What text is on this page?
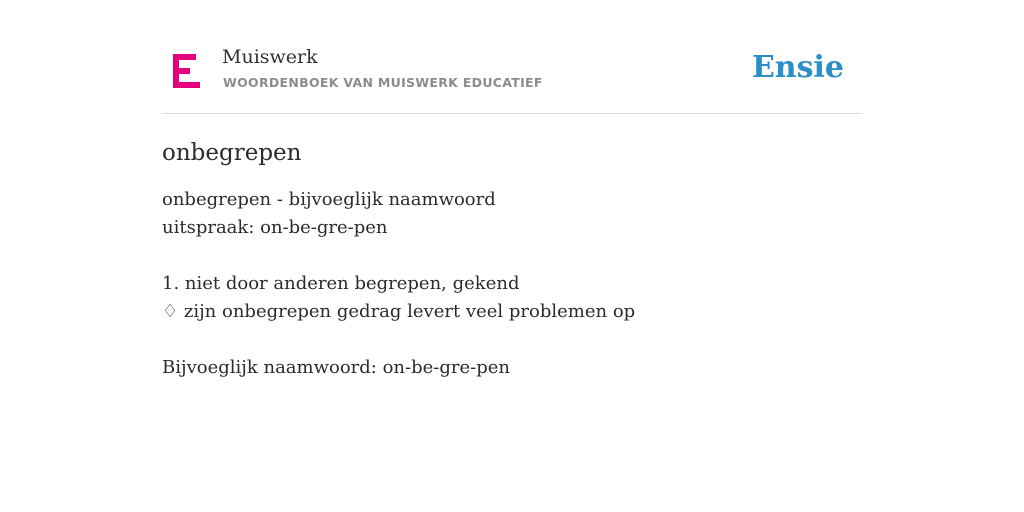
Muiswerk
WOORDENBOEK VAN MUISWERK EDUCATIEF	Ensie
onbegrepen
onbegrepen - bijvoeglijk naamwoord
uitspraak: on-be-gre-pen
1. niet door anderen begrepen, gekend
♢ zijn onbegrepen gedrag levert veel problemen op
Bijvoeglijk naamwoord: on-be-gre-pen
